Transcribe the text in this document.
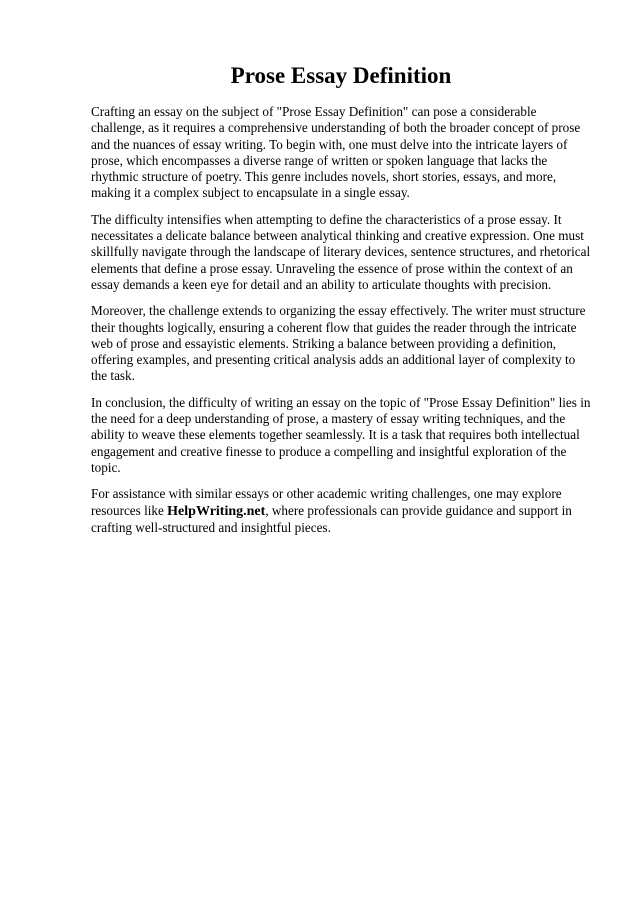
Prose Essay Definition

Crafting an essay on the subject of "Prose Essay Definition" can pose a considerable challenge, as it requires a comprehensive understanding of both the broader concept of prose and the nuances of essay writing. To begin with, one must delve into the intricate layers of prose, which encompasses a diverse range of written or spoken language that lacks the rhythmic structure of poetry. This genre includes novels, short stories, essays, and more, making it a complex subject to encapsulate in a single essay.

The difficulty intensifies when attempting to define the characteristics of a prose essay. It necessitates a delicate balance between analytical thinking and creative expression. One must skillfully navigate through the landscape of literary devices, sentence structures, and rhetorical elements that define a prose essay. Unraveling the essence of prose within the context of an essay demands a keen eye for detail and an ability to articulate thoughts with precision.

Moreover, the challenge extends to organizing the essay effectively. The writer must structure their thoughts logically, ensuring a coherent flow that guides the reader through the intricate web of prose and essayistic elements. Striking a balance between providing a definition, offering examples, and presenting critical analysis adds an additional layer of complexity to the task.

In conclusion, the difficulty of writing an essay on the topic of "Prose Essay Definition" lies in the need for a deep understanding of prose, a mastery of essay writing techniques, and the ability to weave these elements together seamlessly. It is a task that requires both intellectual engagement and creative finesse to produce a compelling and insightful exploration of the topic.

For assistance with similar essays or other academic writing challenges, one may explore resources like HelpWriting.net, where professionals can provide guidance and support in crafting well-structured and insightful pieces.
